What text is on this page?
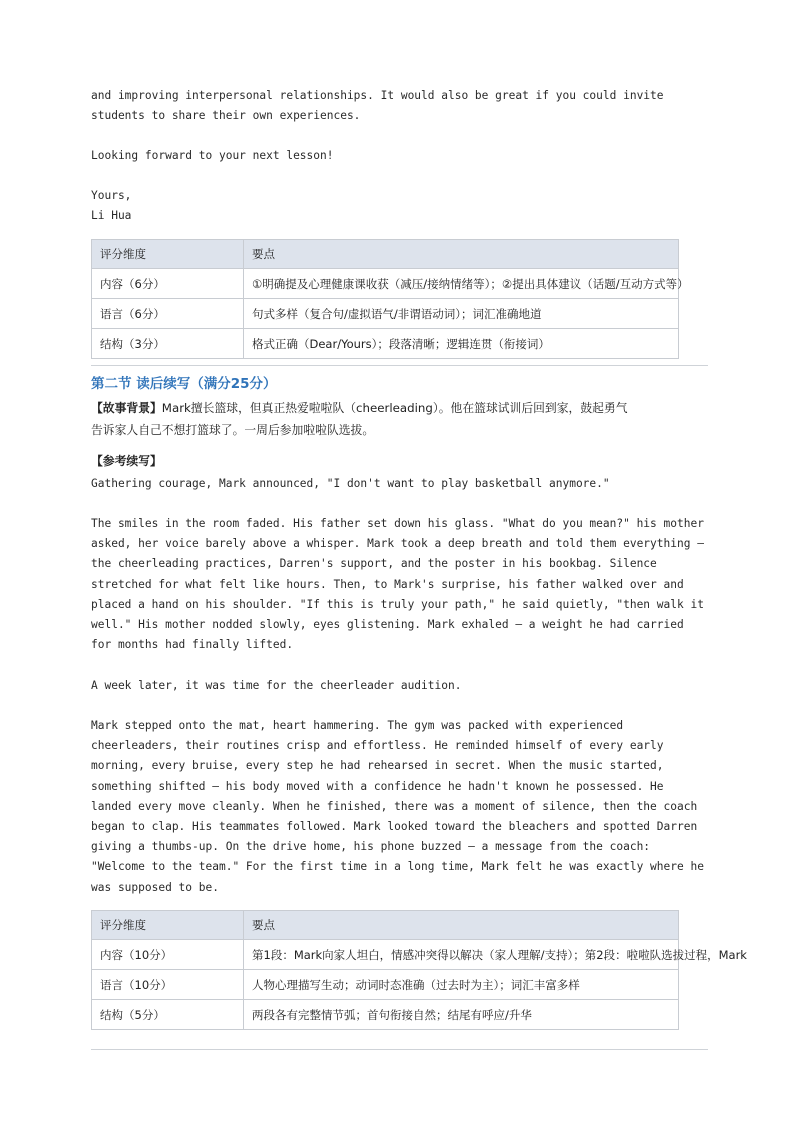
and improving interpersonal relationships. It would also be great if you could invite

students to share their own experiences.

Looking forward to your next lesson!

Yours,

Li Hua

评分维度	要点
内容（6分）	①明确提及心理健康课收获（减压/接纳情绪等）；②提出具体建议（话题/互动方式等）
语言（6分）	句式多样（复合句/虚拟语气/非谓语动词）；词汇准确地道
结构（3分）	格式正确（Dear/Yours）；段落清晰；逻辑连贯（衔接词）
第二节 读后续写（满分25分）
【故事背景】Mark擅长篮球，但真正热爱啦啦队（cheerleading）。他在篮球试训后回到家，鼓起勇气
告诉家人自己不想打篮球了。一周后参加啦啦队选拔。
【参考续写】

Gathering courage, Mark announced, "I don't want to play basketball anymore."

The smiles in the room faded. His father set down his glass. "What do you mean?" his mother

asked, her voice barely above a whisper. Mark took a deep breath and told them everything —

the cheerleading practices, Darren's support, and the poster in his bookbag. Silence

stretched for what felt like hours. Then, to Mark's surprise, his father walked over and

placed a hand on his shoulder. "If this is truly your path," he said quietly, "then walk it

well." His mother nodded slowly, eyes glistening. Mark exhaled — a weight he had carried

for months had finally lifted.

A week later, it was time for the cheerleader audition.

Mark stepped onto the mat, heart hammering. The gym was packed with experienced

cheerleaders, their routines crisp and effortless. He reminded himself of every early

morning, every bruise, every step he had rehearsed in secret. When the music started,

something shifted — his body moved with a confidence he hadn't known he possessed. He

landed every move cleanly. When he finished, there was a moment of silence, then the coach

began to clap. His teammates followed. Mark looked toward the bleachers and spotted Darren

giving a thumbs-up. On the drive home, his phone buzzed — a message from the coach:

"Welcome to the team." For the first time in a long time, Mark felt he was exactly where he

was supposed to be.

评分维度	要点
内容（10分）	第1段：Mark向家人坦白，情感冲突得以解决（家人理解/支持）；第2段：啦啦队选拔过程，Mark
语言（10分）	人物心理描写生动；动词时态准确（过去时为主）；词汇丰富多样
结构（5分）	两段各有完整情节弧；首句衔接自然；结尾有呼应/升华
